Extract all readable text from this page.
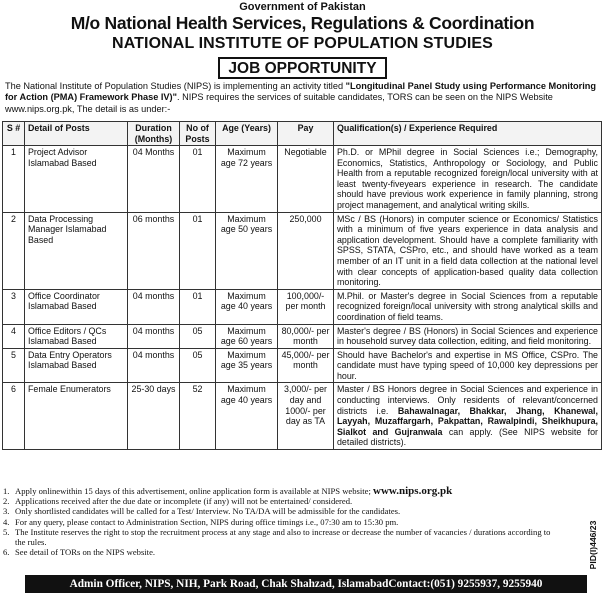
Government of Pakistan
M/o National Health Services, Regulations & Coordination
NATIONAL INSTITUTE OF POPULATION STUDIES
JOB OPPORTUNITY
The National Institute of Population Studies (NIPS) is implementing an activity titled "Longitudinal Panel Study using Performance Monitoring for Action (PMA) Framework Phase IV)". NIPS requires the services of suitable candidates, TORS can be seen on the NIPS Website www.nips.org.pk, The detail is as under:-
S #	Detail of Posts	Duration (Months)	No of Posts	Age (Years)	Pay	Qualification(s) / Experience Required
1	Project Advisor Islamabad Based	04 Months	01	Maximum age 72 years	Negotiable	Ph.D. or MPhil degree in Social Sciences i.e.; Demography, Economics, Statistics, Anthropology or Sociology, and Public Health from a reputable recognized foreign/local university with at least twenty-fiveyears experience in research. The candidate should have previous work experience in family planning, strong project management, and analytical writing skills.
2	Data Processing Manager Islamabad Based	06 months	01	Maximum age 50 years	250,000	MSc / BS (Honors) in computer science or Economics/ Statistics with a minimum of five years experience in data analysis and application development. Should have a complete familiarity with SPSS, STATA, CSPro, etc., and should have worked as a team member of an IT unit in a field data collection at the national level with clear concepts of application-based quality data collection monitoring.
3	Office Coordinator Islamabad Based	04 months	01	Maximum age 40 years	100,000/- per month	M.Phil. or Master's degree in Social Sciences from a reputable recognized foreign/local university with strong analytical skills and coordination of field teams.
4	Office Editors / QCs Islamabad Based	04 months	05	Maximum age 60 years	80,000/- per month	Master's degree / BS (Honors) in Social Sciences and experience in household survey data collection, editing, and field monitoring.
5	Data Entry Operators Islamabad Based	04 months	05	Maximum age 35 years	45,000/- per month	Should have Bachelor's and expertise in MS Office, CSPro. The candidate must have typing speed of 10,000 key depressions per hour.
6	Female Enumerators	25-30 days	52	Maximum age 40 years	3,000/- per day and 1000/- per day as TA	Master / BS Honors degree in Social Sciences and experience in conducting interviews. Only residents of relevant/concerned districts i.e. Bahawalnagar, Bhakkar, Jhang, Khanewal, Layyah, Muzaffargarh, Pakpattan, Rawalpindi, Sheikhupura, Sialkot and Gujranwala can apply. (See NIPS website for detailed districts).
1. Apply onlinewithin 15 days of this advertisement, online application form is available at NIPS website; www.nips.org.pk
2. Applications received after the due date or incomplete (if any) will not be entertained/ considered.
3. Only shortlisted candidates will be called for a Test/ Interview. No TA/DA will be admissible for the candidates.
4. For any query, please contact to Administration Section, NIPS during office timings i.e., 07:30 am to 15:30 pm.
5. The Institute reserves the right to stop the recruitment process at any stage and also to increase or decrease the number of vacancies / durations according to the rules.
6. See detail of TORs on the NIPS website.	PID(I)446/23
Admin Officer, NIPS, NIH, Park Road, Chak Shahzad, IslamabadContact:(051) 9255937, 9255940
